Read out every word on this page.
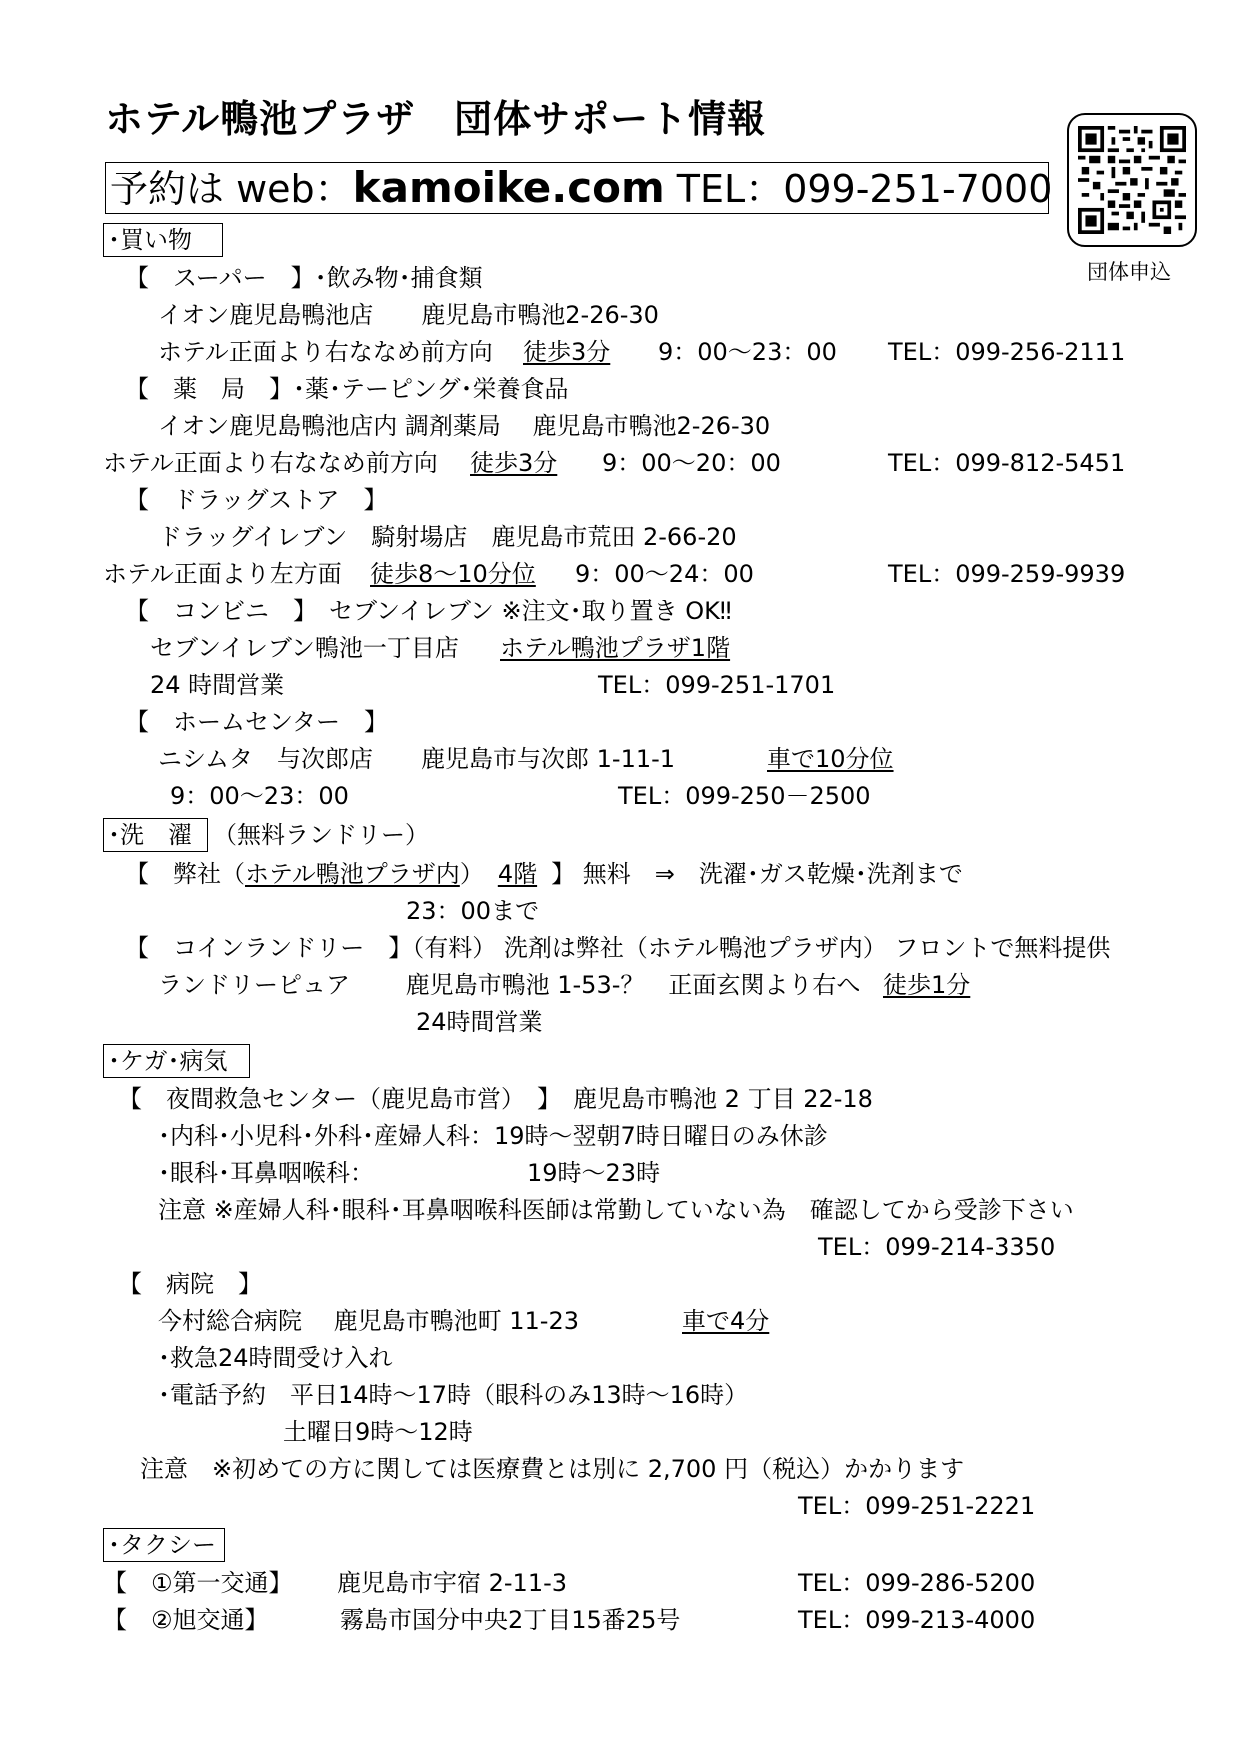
ホテル鴨池プラザ　団体サポート情報
予約は web：kamoike.com TEL：099-251-7000
団体申込
･買い物
【　スーパー　】･飲み物･捕食類
イオン鹿児島鴨池店　　鹿児島市鴨池2-26-30
ホテル正面より右ななめ前方向 徒歩3分 9：00～23：00 TEL：099-256-2111
【　薬　局　】･薬･テーピング･栄養食品
イオン鹿児島鴨池店内 調剤薬局　 鹿児島市鴨池2-26-30
ホテル正面より右ななめ前方向 徒歩3分 9：00～20：00	TEL：099-812-5451
【　ドラッグストア　】
ドラッグイレブン　騎射場店　鹿児島市荒田 2-66-20
ホテル正面より左方面 徒歩8～10分位 9：00～24：00	TEL：099-259-9939
【　コンビニ　】　セブンイレブン ※注文･取り置き OK‼
セブンイレブン鴨池一丁目店 ホテル鴨池プラザ1階
24 時間営業	TEL：099-251-1701
【　ホームセンター　】
ニシムタ　与次郎店　　鹿児島市与次郎 1-11-1	車で10分位
9：00～23：00	TEL：099-250－2500
･洗　濯 （無料ランドリー）
【　弊社（ホテル鴨池プラザ内） 4階 】 無料　⇒　洗濯･ガス乾燥･洗剤まで
23：00まで
【　コインランドリー　】（有料） 洗剤は弊社（ホテル鴨池プラザ内） フロントで無料提供
ランドリーピュア　　 鹿児島市鴨池 1-53-？　正面玄関より右へ 徒歩1分
24時間営業
･ケガ･病気
【　夜間救急センター（鹿児島市営）　】　鹿児島市鴨池 2 丁目 22-18
･内科･小児科･外科･産婦人科：19時～翌朝7時日曜日のみ休診
･眼科･耳鼻咽喉科：	19時～23時
注意 ※産婦人科･眼科･耳鼻咽喉科医師は常勤していない為　確認してから受診下さい
TEL：099-214-3350
【　病院　】
今村総合病院　 鹿児島市鴨池町 11-23	車で4分
･救急24時間受け入れ
･電話予約　平日14時～17時（眼科のみ13時～16時）
土曜日9時～12時
注意　※初めての方に関しては医療費とは別に 2,700 円（税込）かかります
TEL：099-251-2221
･タクシー
【　①第一交通】 鹿児島市宇宿 2-11-3	TEL：099-286-5200
【　②旭交通】	霧島市国分中央2丁目15番25号	TEL：099-213-4000
